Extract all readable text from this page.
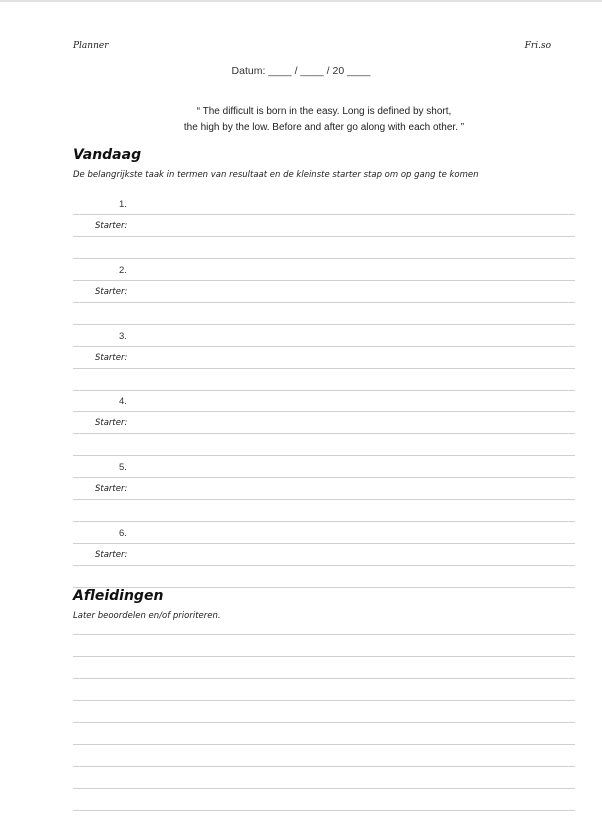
Planner	Fri.so
Datum: ____ / ____ / 20 ____
“ The difficult is born in the easy. Long is defined by short,
the high by the low. Before and after go along with each other. ”
Vandaag
De belangrijkste taak in termen van resultaat en de kleinste starter stap om op gang te komen
1.
Starter:
2.
Starter:
3.
Starter:
4.
Starter:
5.
Starter:
6.
Starter:
Afleidingen
Later beoordelen en/of prioriteren.
